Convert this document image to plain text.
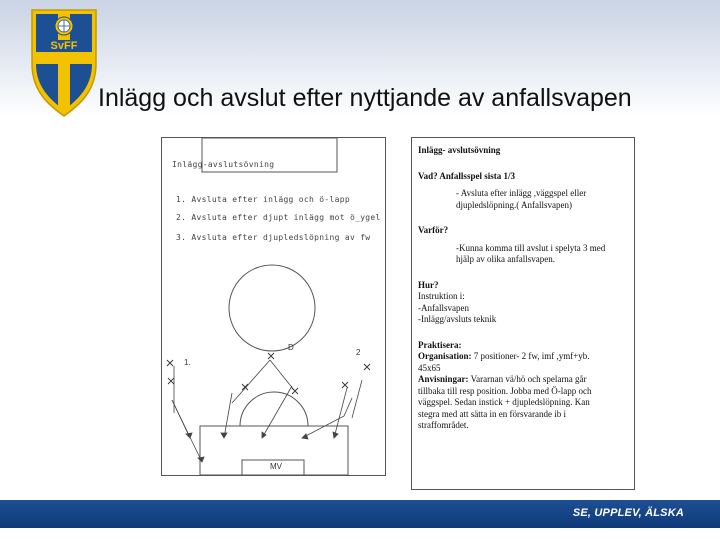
SvFF
Inlägg och avslut efter nyttjande av anfallsvapen
Inlägg-avslutsövning
1. Avsluta efter inlägg och ö-lapp
2. Avsluta efter djupt inlägg mot ö_ygel
3. Avsluta efter djupledslöpning av fw
1.
2
D
MV
Inlägg- avslutsövning
Vad? Anfallsspel sista 1/3

- Avsluta efter inlägg ,väggspel eller

djupledslöpning.( Anfallsvapen)

Varför?

-Kunna komma till avslut i spelyta 3 med

hjälp av olika anfallsvapen.

Hur?

Instruktion i:

-Anfallsvapen

-Inlägg/avsluts teknik

Praktisera:

Organisation: 7 positioner- 2 fw, imf ,ymf+yb.

45x65

Anvisningar: Vararnan vä/hö och spelarna går

tillbaka till resp position. Jobba med Ö-lapp och

väggspel. Sedan instick + djupledslöpning. Kan

stegra med att sätta in en försvarande ib i

straffområdet.

SE, UPPLEV, ÄLSKA
